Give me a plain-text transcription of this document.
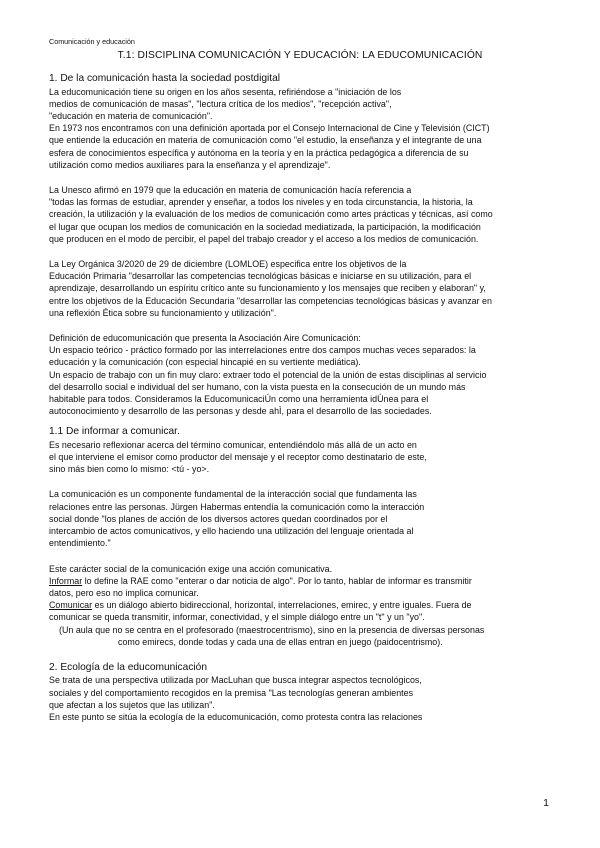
Comunicación y educación
T.1: DISCIPLINA COMUNICACIÓN Y EDUCACIÓN: LA EDUCOMUNICACIÓN
1. De la comunicación hasta la sociedad postdigital
La educomunicación tiene su origen en los años sesenta, refiriéndose a "iniciación de los
medios de comunicación de masas", "lectura crítica de los medios", "recepción activa",
"educación en materia de comunicación".
En 1973 nos encontramos con una definición aportada por el Consejo Internacional de Cine y Televisión (CICT)
que entiende la educación en materia de comunicación como "el estudio, la enseñanza y el integrante de una
esfera de conocimientos específica y autónoma en la teoría y en la práctica pedagógica a diferencia de su
utilización como medios auxiliares para la enseñanza y el aprendizaje".
La Unesco afirmó en 1979 que la educación en materia de comunicación hacía referencia a
"todas las formas de estudiar, aprender y enseñar, a todos los niveles y en toda circunstancia, la historia, la
creación, la utilización y la evaluación de los medios de comunicación como artes prácticas y técnicas, así como
el lugar que ocupan los medios de comunicación en la sociedad mediatizada, la participación, la modificación
que producen en el modo de percibir, el papel del trabajo creador y el acceso a los medios de comunicación.
La Ley Orgánica 3/2020 de 29 de diciembre (LOMLOE) especifica entre los objetivos de la
Educación Primaria "desarrollar las competencias tecnológicas básicas e iniciarse en su utilización, para el
aprendizaje, desarrollando un espíritu crítico ante su funcionamiento y los mensajes que reciben y elaboran" y,
entre los objetivos de la Educación Secundaria "desarrollar las competencias tecnológicas básicas y avanzar en
una reflexión Ética sobre su funcionamiento y utilización".
Definición de educomunicación que presenta la Asociación Aire Comunicación:
Un espacio teórico - práctico formado por las interrelaciones entre dos campos muchas veces separados: la
educación y la comunicación (con especial hincapié en su vertiente mediática).
Un espacio de trabajo con un fin muy claro: extraer todo el potencial de la unión de estas disciplinas al servicio
del desarrollo social e individual del ser humano, con la vista puesta en la consecución de un mundo más
habitable para todos. Consideramos la EducomunicaciÚn como una herramienta idÚnea para el
autoconocimiento y desarrollo de las personas y desde ahÌ, para el desarrollo de las sociedades.
1.1 De informar a comunicar.
Es necesario reflexionar acerca del término comunicar, entendiéndolo más allá de un acto en
el que interviene el emisor como productor del mensaje y el receptor como destinatario de este,
sino más bien como lo mismo: <tú - yo>.
La comunicación es un componente fundamental de la interacción social que fundamenta las
relaciones entre las personas. Jürgen Habermas entendía la comunicación como la interacción
social donde "los planes de acción de los diversos actores quedan coordinados por el
intercambio de actos comunicativos, y ello haciendo una utilización del lenguaje orientada al
entendimiento."
Este carácter social de la comunicación exige una acción comunicativa.
Informar lo define la RAE como "enterar o dar noticia de algo". Por lo tanto, hablar de informar es transmitir
datos, pero eso no implica comunicar.
Comunicar es un diálogo abierto bidireccional, horizontal, interrelaciones, emirec, y entre iguales. Fuera de
comunicar se queda transmitir, informar, conectividad, y el simple diálogo entre un "t" y un "yo".
(Un aula que no se centra en el profesorado (maestrocentrismo), sino en la presencia de diversas personas
como emirecs, donde todas y cada una de ellas entran en juego (paidocentrismo).
2. Ecología de la educomunicación
Se trata de una perspectiva utilizada por MacLuhan que busca integrar aspectos tecnológicos,
sociales y del comportamiento recogidos en la premisa "Las tecnologías generan ambientes
que afectan a los sujetos que las utilizan".
En este punto se sitúa la ecología de la educomunicación, como protesta contra las relaciones
1
